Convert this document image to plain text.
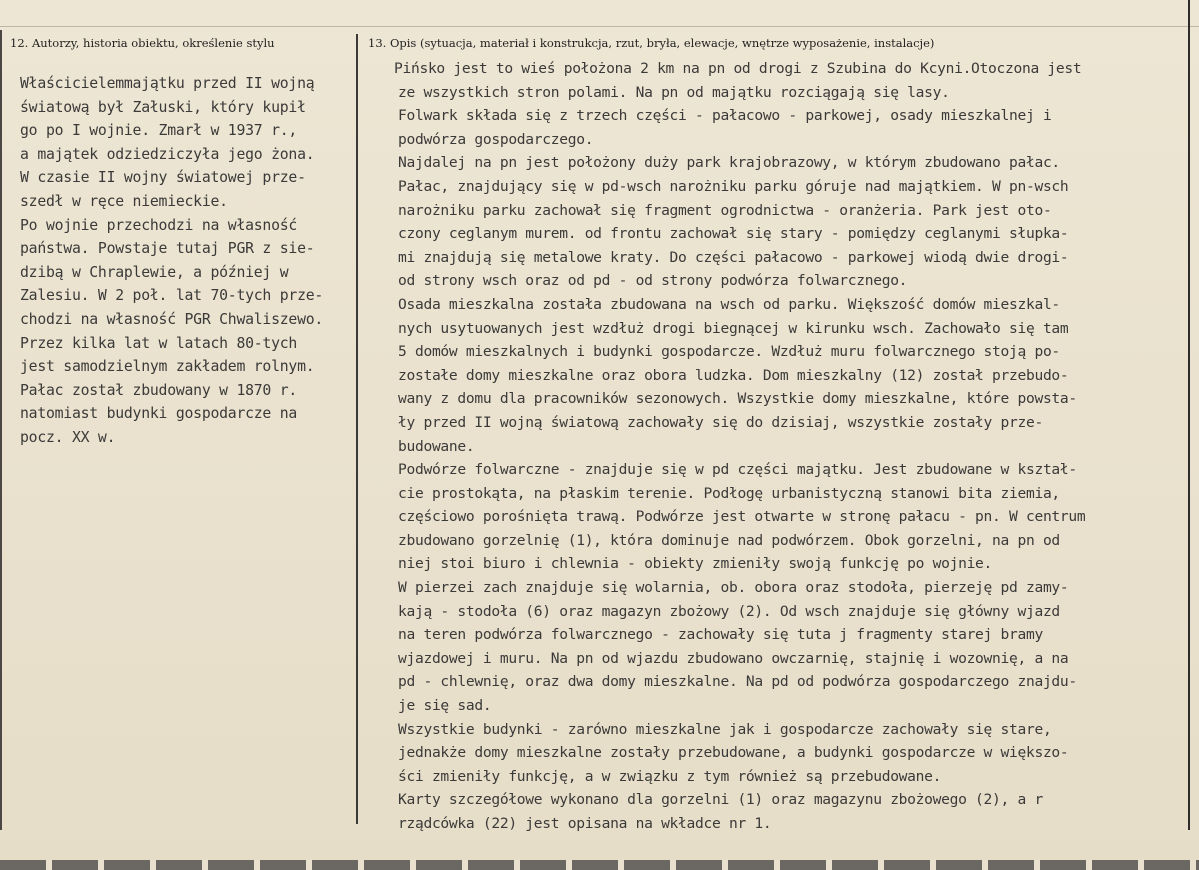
12. Autorzy, historia obiektu, określenie stylu	13. Opis (sytuacja, materiał i konstrukcja, rzut, bryła, elewacje, wnętrze wyposażenie, instalacje)
Właścicielemmajątku przed II wojną
światową był Załuski, który kupił
go po I wojnie. Zmarł w 1937 r.,
a majątek odziedziczyła jego żona.
W czasie II wojny światowej prze-
szedł w ręce niemieckie.
Po wojnie przechodzi na własność
państwa. Powstaje tutaj PGR z sie-
dzibą w Chraplewie, a później w
Zalesiu. W 2 poł. lat 70-tych prze-
chodzi na własność PGR Chwaliszewo.
Przez kilka lat w latach 80-tych
jest samodzielnym zakładem rolnym.
Pałac został zbudowany w 1870 r.
natomiast budynki gospodarcze na
pocz. XX w.
Pińsko jest to wieś położona 2 km na pn od drogi z Szubina do Kcyni.Otoczona jest
ze wszystkich stron polami. Na pn od majątku rozciągają się lasy.
Folwark składa się z trzech części - pałacowo - parkowej, osady mieszkalnej i
podwórza gospodarczego.
Najdalej na pn jest położony duży park krajobrazowy, w którym zbudowano pałac.
Pałac, znajdujący się w pd-wsch narożniku parku góruje nad majątkiem. W pn-wsch
narożniku parku zachował się fragment ogrodnictwa - oranżeria. Park jest oto-
czony ceglanym murem. od frontu zachował się stary - pomiędzy ceglanymi słupka-
mi znajdują się metalowe kraty. Do części pałacowo - parkowej wiodą dwie drogi-
od strony wsch oraz od pd - od strony podwórza folwarcznego.
Osada mieszkalna została zbudowana na wsch od parku. Większość domów mieszkal-
nych usytuowanych jest wzdłuż drogi biegnącej w kirunku wsch. Zachowało się tam
5 domów mieszkalnych i budynki gospodarcze. Wzdłuż muru folwarcznego stoją po-
zostałe domy mieszkalne oraz obora ludzka. Dom mieszkalny (12) został przebudo-
wany z domu dla pracowników sezonowych. Wszystkie domy mieszkalne, które powsta-
ły przed II wojną światową zachowały się do dzisiaj, wszystkie zostały prze-
budowane.
Podwórze folwarczne - znajduje się w pd części majątku. Jest zbudowane w kształ-
cie prostokąta, na płaskim terenie. Podłogę urbanistyczną stanowi bita ziemia,
częściowo porośnięta trawą. Podwórze jest otwarte w stronę pałacu - pn. W centrum
zbudowano gorzelnię (1), która dominuje nad podwórzem. Obok gorzelni, na pn od
niej stoi biuro i chlewnia - obiekty zmieniły swoją funkcję po wojnie.
W pierzei zach znajduje się wolarnia, ob. obora oraz stodoła, pierzeję pd zamy-
kają - stodoła (6) oraz magazyn zbożowy (2). Od wsch znajduje się główny wjazd
na teren podwórza folwarcznego - zachowały się tuta j fragmenty starej bramy
wjazdowej i muru. Na pn od wjazdu zbudowano owczarnię, stajnię i wozownię, a na
pd - chlewnię, oraz dwa domy mieszkalne. Na pd od podwórza gospodarczego znajdu-
je się sad.
Wszystkie budynki - zarówno mieszkalne jak i gospodarcze zachowały się stare,
jednakże domy mieszkalne zostały przebudowane, a budynki gospodarcze w większo-
ści zmieniły funkcję, a w związku z tym również są przebudowane.
Karty szczegółowe wykonano dla gorzelni (1) oraz magazynu zbożowego (2), a r
rządcówka (22) jest opisana na wkładce nr 1.
